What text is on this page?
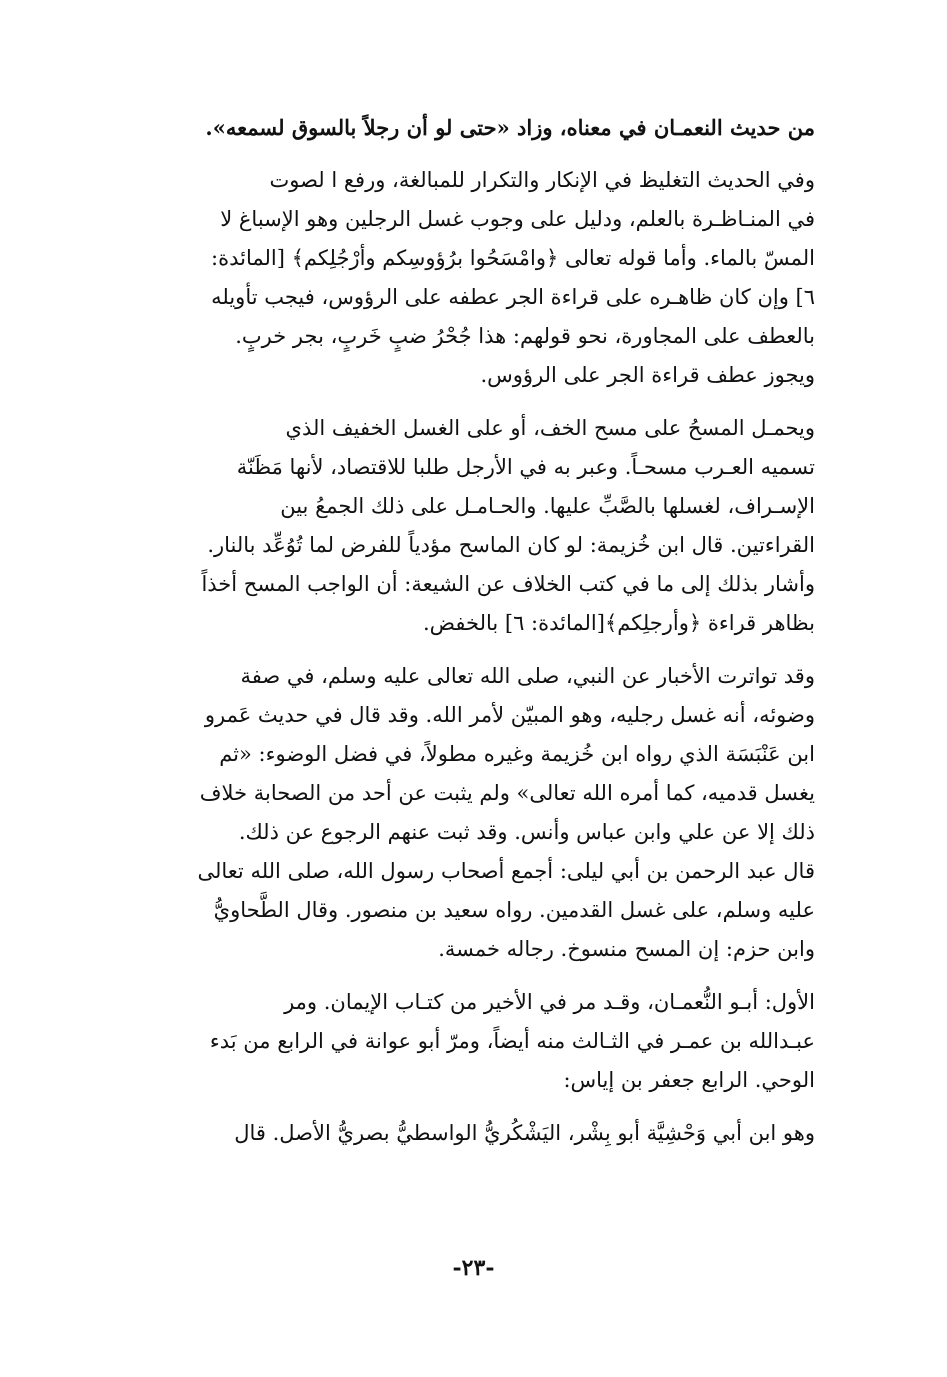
من حديث النعمـان في معناه، وزاد «حتى لو أن رجلاً بالسوق لسمعه».

وفي الحديث التغليظ في الإنكار والتكرار للمبالغة، ورفع ا لصوت
في المنـاظـرة بالعلم، ودليل على وجوب غسل الرجلين وهو الإسباغ لا
المسّ بالماء. وأما قوله تعالى ﴿وامْسَحُوا برُؤوسِكم وأرْجُلِكم﴾ [المائدة:
٦] وإن كان ظاهـره على قراءة الجر عطفه على الرؤوس، فيجب تأويله
بالعطف على المجاورة، نحو قولهم: هذا جُحْرُ ضبٍ خَربٍ، بجر خربٍ.
ويجوز عطف قراءة الجر على الرؤوس.

ويحمـل المسحُ على مسح الخف، أو على الغسل الخفيف الذي
تسميه العـرب مسحـاً. وعبر به في الأرجل طلبا للاقتصاد، لأنها مَظَنّة
الإسـراف، لغسلها بالصَّبِّ عليها. والحـامـل على ذلك الجمعُ بين
القراءتين. قال ابن خُزيمة: لو كان الماسح مؤدياً للفرض لما تُوُعِّد بالنار.
وأشار بذلك إلى ما في كتب الخلاف عن الشيعة: أن الواجب المسح أخذاً
بظاهر قراءة ﴿وأرجلِكم﴾[المائدة: ٦] بالخفض.

وقد تواترت الأخبار عن النبي، صلى الله تعالى عليه وسلم، في صفة
وضوئه، أنه غسل رجليه، وهو المبيّن لأمر الله. وقد قال في حديث عَمرو
ابن عَنْبَسَة الذي رواه ابن خُزيمة وغيره مطولاً، في فضل الوضوء: «ثم
يغسل قدميه، كما أمره الله تعالى» ولم يثبت عن أحد من الصحابة خلاف
ذلك إلا عن علي وابن عباس وأنس. وقد ثبت عنهم الرجوع عن ذلك.
قال عبد الرحمن بن أبي ليلى: أجمع أصحاب رسول الله، صلى الله تعالى
عليه وسلم، على غسل القدمين. رواه سعيد بن منصور. وقال الطَّحاويُّ
وابن حزم: إن المسح منسوخ. رجاله خمسة.

الأول: أبـو النُّعمـان، وقـد مر في الأخير من كتـاب الإيمان. ومر
عبـدالله بن عمـر في الثـالث منه أيضاً، ومرّ أبو عوانة في الرابع من بَدء
الوحي. الرابع جعفر بن إياس:

وهو ابن أبي وَحْشِيَّة أبو بِشْر، اليَشْكُريُّ الواسطيُّ بصريُّ الأصل. قال

-٢٣-
